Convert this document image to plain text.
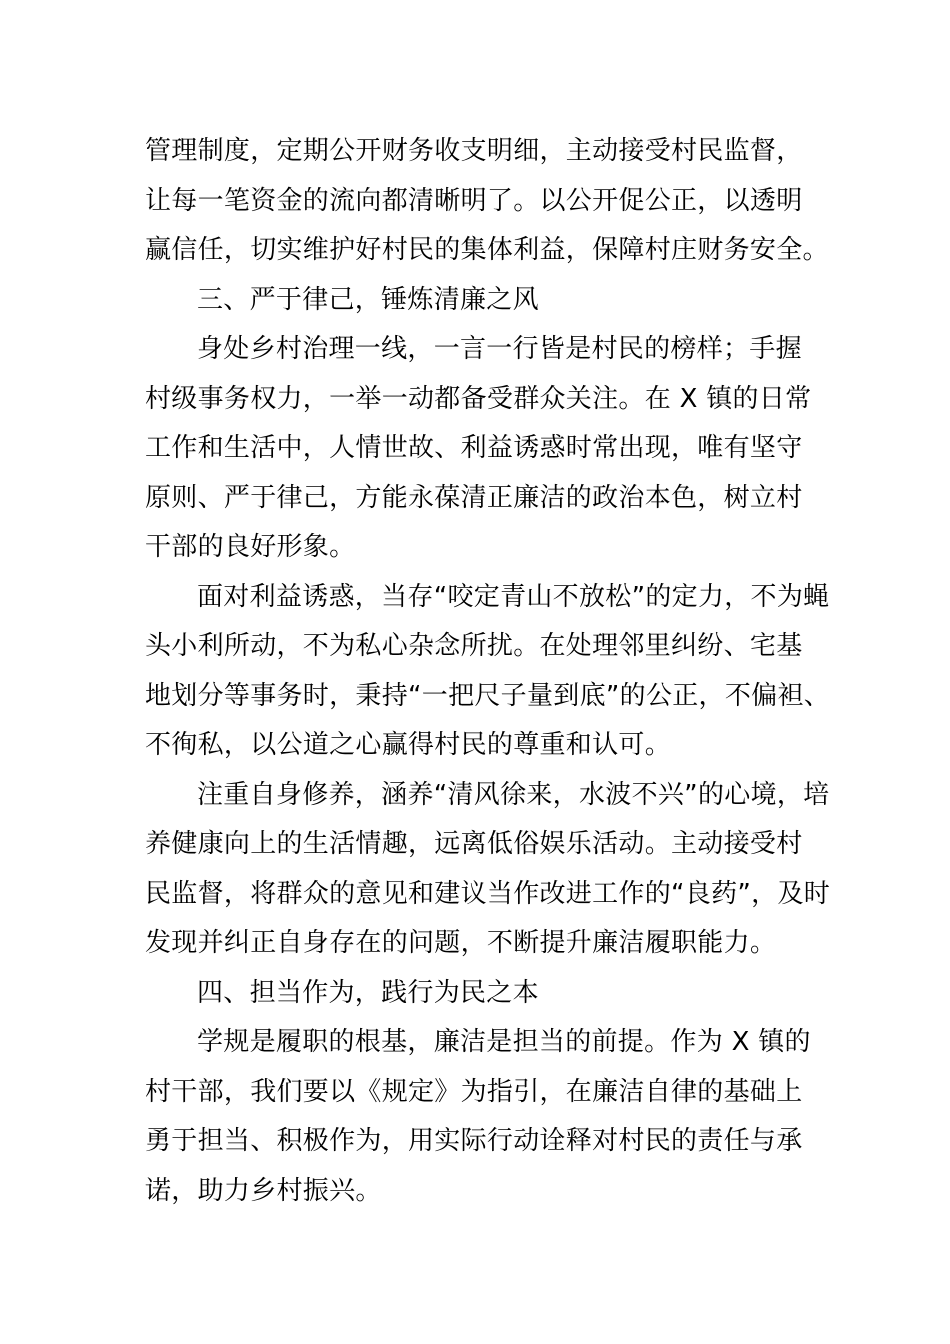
管理制度，定期公开财务收支明细，主动接受村民监督，
让每一笔资金的流向都清晰明了。以公开促公正，以透明
赢信任，切实维护好村民的集体利益，保障村庄财务安全。
三、严于律己，锤炼清廉之风
身处乡村治理一线，一言一行皆是村民的榜样；手握
村级事务权力，一举一动都备受群众关注。在 X 镇的日常
工作和生活中，人情世故、利益诱惑时常出现，唯有坚守
原则、严于律己，方能永葆清正廉洁的政治本色，树立村
干部的良好形象。
面对利益诱惑，当存“咬定青山不放松”的定力，不为蝇
头小利所动，不为私心杂念所扰。在处理邻里纠纷、宅基
地划分等事务时，秉持“一把尺子量到底”的公正，不偏袒、
不徇私，以公道之心赢得村民的尊重和认可。
注重自身修养，涵养“清风徐来，水波不兴”的心境，培
养健康向上的生活情趣，远离低俗娱乐活动。主动接受村
民监督，将群众的意见和建议当作改进工作的“良药”，及时
发现并纠正自身存在的问题，不断提升廉洁履职能力。
四、担当作为，践行为民之本
学规是履职的根基，廉洁是担当的前提。作为 X 镇的
村干部，我们要以《规定》为指引，在廉洁自律的基础上
勇于担当、积极作为，用实际行动诠释对村民的责任与承
诺，助力乡村振兴。
